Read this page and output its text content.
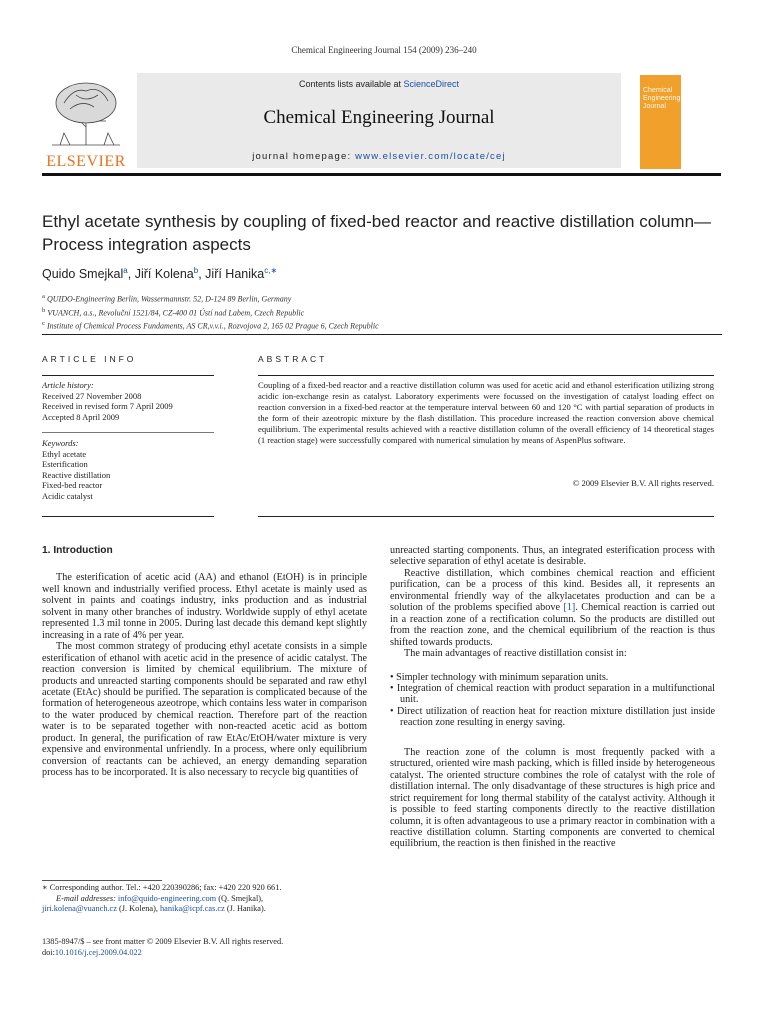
Chemical Engineering Journal 154 (2009) 236–240
ELSEVIER
Contents lists available at ScienceDirect
Chemical Engineering Journal
journal homepage: www.elsevier.com/locate/cej
Chemical Engineering Journal
Ethyl acetate synthesis by coupling of fixed-bed reactor and reactive distillation column—Process integration aspects
Quido Smejkal$^a$, Jiří Kolena$^b$, Jiří Hanika$^{c,∗}$
$^a$ QUIDO-Engineering Berlin, Wassermannstr. 52, D-124 89 Berlin, Germany
$^b$ VUANCH, a.s., Revoluční 1521/84, CZ-400 01 Ústí nad Labem, Czech Republic
$^c$ Institute of Chemical Process Fundaments, AS CR,v.v.i., Rozvojova 2, 165 02 Prague 6, Czech Republic
ARTICLE INFO
Article history:
Received 27 November 2008
Received in revised form 7 April 2009
Accepted 8 April 2009
Keywords:
Ethyl acetate
Esterification
Reactive distillation
Fixed-bed reactor
Acidic catalyst
ABSTRACT
Coupling of a fixed-bed reactor and a reactive distillation column was used for acetic acid and ethanol esterification utilizing strong acidic ion-exchange resin as catalyst. Laboratory experiments were focussed on the investigation of catalyst loading effect on reaction conversion in a fixed-bed reactor at the temperature interval between 60 and 120 °C with partial separation of products in the form of their azeotropic mixture by the flash distillation. This procedure increased the reaction conversion above chemical equilibrium. The experimental results achieved with a reactive distillation column of the overall efficiency of 14 theoretical stages (1 reaction stage) were successfully compared with numerical simulation by means of AspenPlus software.
© 2009 Elsevier B.V. All rights reserved.

1. Introduction

The esterification of acetic acid (AA) and ethanol (EtOH) is in principle well known and industrially verified process. Ethyl acetate is mainly used as solvent in paints and coatings industry, inks production and as industrial solvent in many other branches of industry. Worldwide supply of ethyl acetate represented 1.3 mil tonne in 2005. During last decade this demand kept slightly increasing in a rate of 4% per year.

The most common strategy of producing ethyl acetate consists in a simple esterification of ethanol with acetic acid in the presence of acidic catalyst. The reaction conversion is limited by chemical equilibrium. The mixture of products and unreacted starting components should be separated and raw ethyl acetate (EtAc) should be purified. The separation is complicated because of the formation of heterogeneous azeotrope, which contains less water in comparison to the water produced by chemical reaction. Therefore part of the reaction water is to be separated together with non-reacted acetic acid as bottom product. In general, the purification of raw EtAc/EtOH/water mixture is very expensive and environmental unfriendly. In a process, where only equilibrium conversion of reactants can be achieved, an energy demanding separation process has to be incorporated. It is also necessary to recycle big quantities of

unreacted starting components. Thus, an integrated esterification process with selective separation of ethyl acetate is desirable.

Reactive distillation, which combines chemical reaction and efficient purification, can be a process of this kind. Besides all, it represents an environmental friendly way of the alkylacetates production and can be a solution of the problems specified above [1]. Chemical reaction is carried out in a reaction zone of a rectification column. So the products are distilled out from the reaction zone, and the chemical equilibrium of the reaction is thus shifted towards products.

The main advantages of reactive distillation consist in:

• Simpler technology with minimum separation units.

• Integration of chemical reaction with product separation in a multifunctional unit.

• Direct utilization of reaction heat for reaction mixture distillation just inside reaction zone resulting in energy saving.

The reaction zone of the column is most frequently packed with a structured, oriented wire mash packing, which is filled inside by heterogeneous catalyst. The oriented structure combines the role of catalyst with the role of distillation internal. The only disadvantage of these structures is high price and strict requirement for long thermal stability of the catalyst activity. Although it is possible to feed starting components directly to the reactive distillation column, it is often advantageous to use a primary reactor in combination with a reactive distillation column. Starting components are converted to chemical equilibrium, the reaction is then finished in the reactive

∗ Corresponding author. Tel.: +420 220390286; fax: +420 220 920 661.
E-mail addresses: info@quido-engineering.com (Q. Smejkal),
jiri.kolena@vuanch.cz (J. Kolena), hanika@icpf.cas.cz (J. Hanika).
1385-8947/$ – see front matter © 2009 Elsevier B.V. All rights reserved.
doi:10.1016/j.cej.2009.04.022
